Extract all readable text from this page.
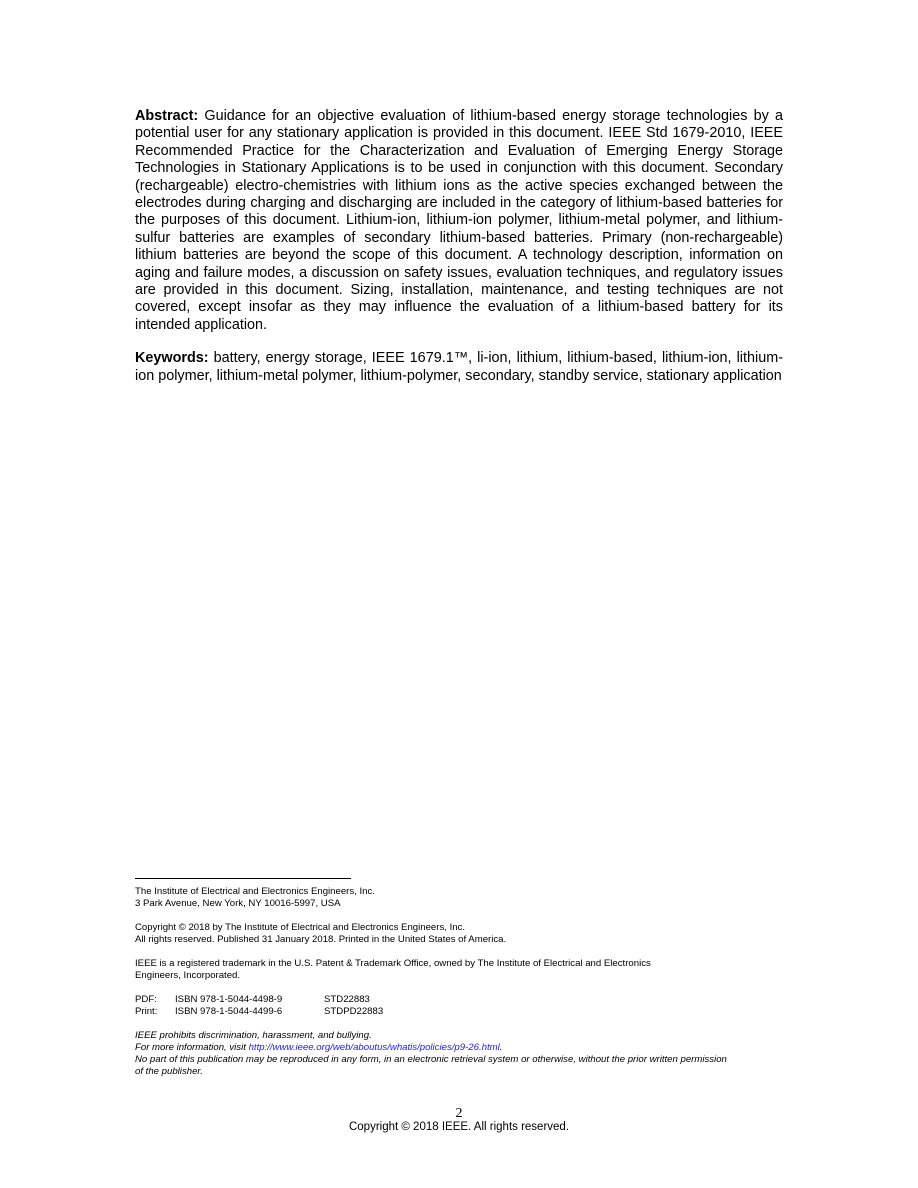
Abstract: Guidance for an objective evaluation of lithium-based energy storage technologies by a potential user for any stationary application is provided in this document. IEEE Std 1679-2010, IEEE Recommended Practice for the Characterization and Evaluation of Emerging Energy Storage Technologies in Stationary Applications is to be used in conjunction with this document. Secondary (rechargeable) electro-chemistries with lithium ions as the active species exchanged between the electrodes during charging and discharging are included in the category of lithium-based batteries for the purposes of this document. Lithium-ion, lithium-ion polymer, lithium-metal polymer, and lithium-sulfur batteries are examples of secondary lithium-based batteries. Primary (non-rechargeable) lithium batteries are beyond the scope of this document. A technology description, information on aging and failure modes, a discussion on safety issues, evaluation techniques, and regulatory issues are provided in this document. Sizing, installation, maintenance, and testing techniques are not covered, except insofar as they may influence the evaluation of a lithium-based battery for its intended application.

Keywords: battery, energy storage, IEEE 1679.1™, li-ion, lithium, lithium-based, lithium-ion, lithium-ion polymer, lithium-metal polymer, lithium-polymer, secondary, standby service, stationary application

The Institute of Electrical and Electronics Engineers, Inc.
3 Park Avenue, New York, NY 10016-5997, USA
Copyright © 2018 by The Institute of Electrical and Electronics Engineers, Inc.
All rights reserved. Published 31 January 2018. Printed in the United States of America.
IEEE is a registered trademark in the U.S. Patent & Trademark Office, owned by The Institute of Electrical and Electronics
Engineers, Incorporated.
PDF: ISBN 978-1-5044-4498-9	STD22883
Print: ISBN 978-1-5044-4499-6	STDPD22883
IEEE prohibits discrimination, harassment, and bullying.
For more information, visit http://www.ieee.org/web/aboutus/whatis/policies/p9-26.html.
No part of this publication may be reproduced in any form, in an electronic retrieval system or otherwise, without the prior written permission
of the publisher.
2
Copyright © 2018 IEEE. All rights reserved.
